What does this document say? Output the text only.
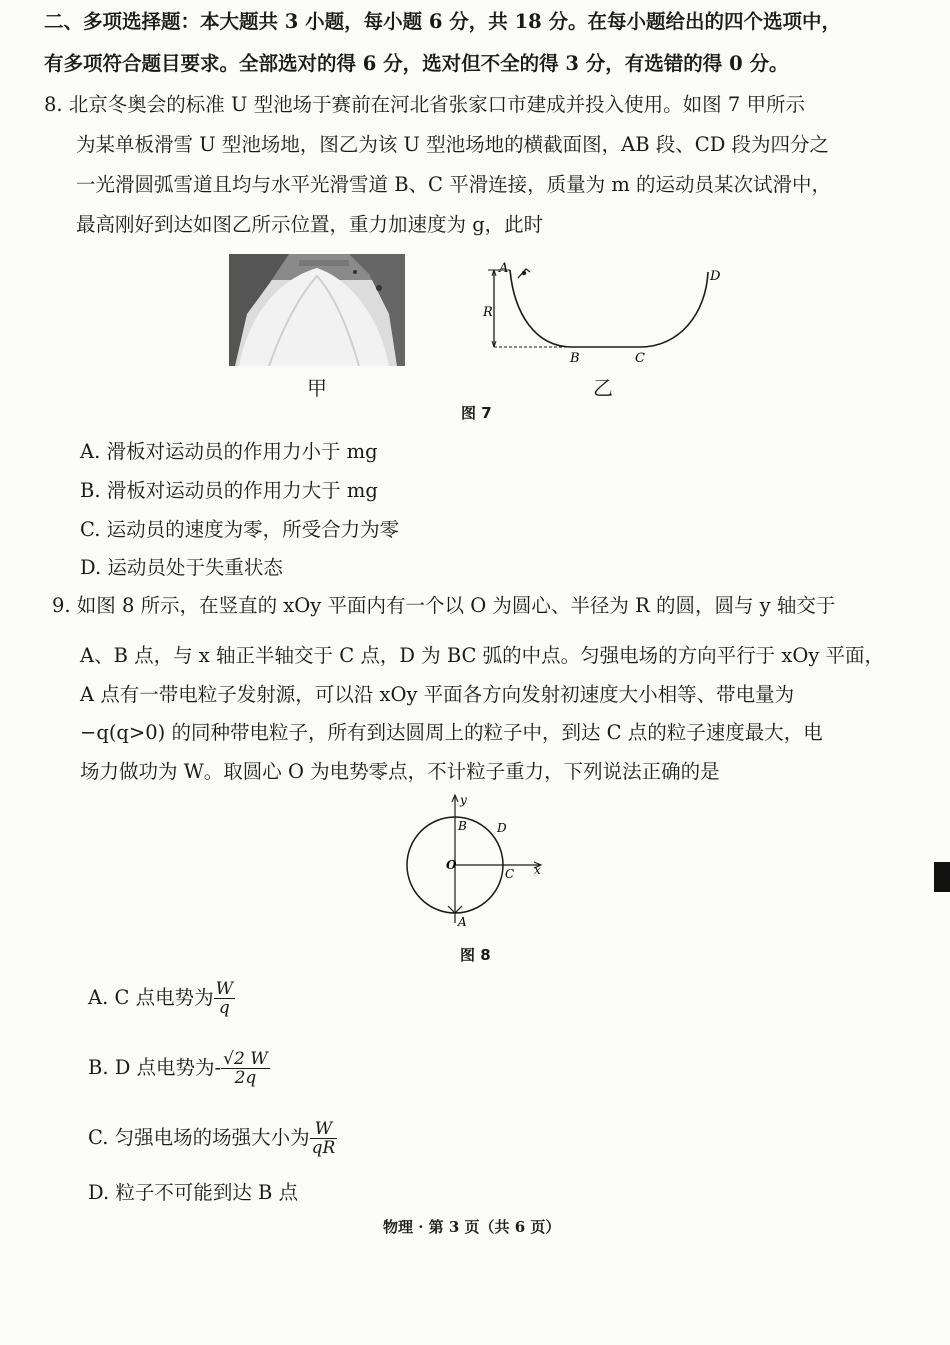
二、多项选择题：本大题共 3 小题，每小题 6 分，共 18 分。在每小题给出的四个选项中，
有多项符合题目要求。全部选对的得 6 分，选对但不全的得 3 分，有选错的得 0 分。
8. 北京冬奥会的标准 U 型池场于赛前在河北省张家口市建成并投入使用。如图 7 甲所示
为某单板滑雪 U 型池场地，图乙为该 U 型池场地的横截面图，AB 段、CD 段为四分之
一光滑圆弧雪道且均与水平光滑雪道 B、C 平滑连接，质量为 m 的运动员某次试滑中，
最高刚好到达如图乙所示位置，重力加速度为 g，此时
甲
A
R
B	C
D
乙
图 7
A. 滑板对运动员的作用力小于 mg
B. 滑板对运动员的作用力大于 mg
C. 运动员的速度为零，所受合力为零
D. 运动员处于失重状态
9. 如图 8 所示，在竖直的 xOy 平面内有一个以 O 为圆心、半径为 R 的圆，圆与 y 轴交于
A、B 点，与 x 轴正半轴交于 C 点，D 为 BC 弧的中点。匀强电场的方向平行于 xOy 平面，
A 点有一带电粒子发射源，可以沿 xOy 平面各方向发射初速度大小相等、带电量为
−q(q>0) 的同种带电粒子，所有到达圆周上的粒子中，到达 C 点的粒子速度最大，电
场力做功为 W。取圆心 O 为电势零点，不计粒子重力，下列说法正确的是
y
B	D
O
C x
A
图 8
A. C 点电势为 $\frac{W}{q}$
B. D 点电势为- $\frac{√2 W}{2q}$
C. 匀强电场的场强大小为 $\frac{W}{qR}$
D. 粒子不可能到达 B 点
物理 · 第 3 页（共 6 页）
